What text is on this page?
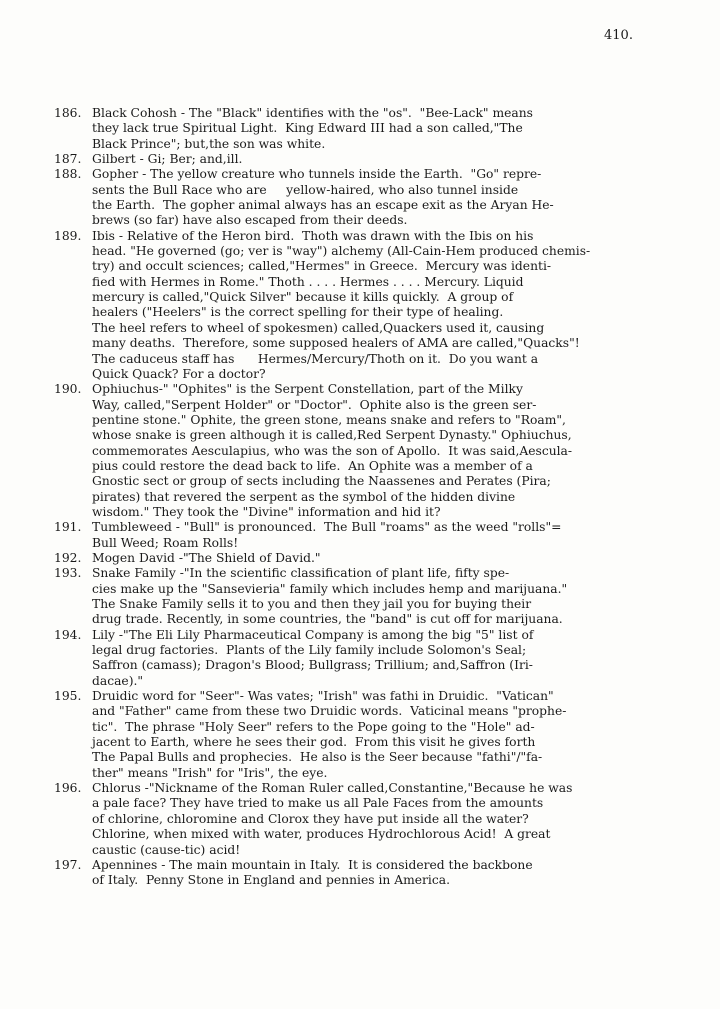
410.
186. Black Cohosh - The "Black" identifies with the "os".  "Bee-Lack" means
they lack true Spiritual Light.  King Edward III had a son called,"The
Black Prince"; but,the son was white.
187. Gilbert - Gi; Ber; and,ill.
188. Gopher - The yellow creature who tunnels inside the Earth.  "Go" repre-
sents the Bull Race who are     yellow-haired, who also tunnel inside
the Earth.  The gopher animal always has an escape exit as the Aryan He-
brews (so far) have also escaped from their deeds.
189. Ibis - Relative of the Heron bird.  Thoth was drawn with the Ibis on his
head. "He governed (go; ver is "way") alchemy (All-Cain-Hem produced chemis-
try) and occult sciences; called,"Hermes" in Greece.  Mercury was identi-
fied with Hermes in Rome." Thoth . . . . Hermes . . . . Mercury. Liquid
mercury is called,"Quick Silver" because it kills quickly.  A group of
healers ("Heelers" is the correct spelling for their type of healing.
The heel refers to wheel of spokesmen) called,Quackers used it, causing
many deaths.  Therefore, some supposed healers of AMA are called,"Quacks"!
The caduceus staff has      Hermes/Mercury/Thoth on it.  Do you want a
Quick Quack? For a doctor?
190. Ophiuchus-" "Ophites" is the Serpent Constellation, part of the Milky
Way, called,"Serpent Holder" or "Doctor".  Ophite also is the green ser-
pentine stone." Ophite, the green stone, means snake and refers to "Roam",
whose snake is green although it is called,Red Serpent Dynasty." Ophiuchus,
commemorates Aesculapius, who was the son of Apollo.  It was said,Aescula-
pius could restore the dead back to life.  An Ophite was a member of a
Gnostic sect or group of sects including the Naassenes and Perates (Pira;
pirates) that revered the serpent as the symbol of the hidden divine
wisdom." They took the "Divine" information and hid it?
191. Tumbleweed - "Bull" is pronounced.  The Bull "roams" as the weed "rolls"=
Bull Weed; Roam Rolls!
192. Mogen David -"The Shield of David."
193. Snake Family -"In the scientific classification of plant life, fifty spe-
cies make up the "Sansevieria" family which includes hemp and marijuana."
The Snake Family sells it to you and then they jail you for buying their
drug trade. Recently, in some countries, the "band" is cut off for marijuana.
194. Lily -"The Eli Lily Pharmaceutical Company is among the big "5" list of
legal drug factories.  Plants of the Lily family include Solomon's Seal;
Saffron (camass); Dragon's Blood; Bullgrass; Trillium; and,Saffron (Iri-
dacae)."
195. Druidic word for "Seer"- Was vates; "Irish" was fathi in Druidic.  "Vatican"
and "Father" came from these two Druidic words.  Vaticinal means "prophe-
tic".  The phrase "Holy Seer" refers to the Pope going to the "Hole" ad-
jacent to Earth, where he sees their god.  From this visit he gives forth
The Papal Bulls and prophecies.  He also is the Seer because "fathi"/"fa-
ther" means "Irish" for "Iris", the eye.
196. Chlorus -"Nickname of the Roman Ruler called,Constantine,"Because he was
a pale face? They have tried to make us all Pale Faces from the amounts
of chlorine, chloromine and Clorox they have put inside all the water?
Chlorine, when mixed with water, produces Hydrochlorous Acid!  A great
caustic (cause-tic) acid!
197. Apennines - The main mountain in Italy.  It is considered the backbone
of Italy.  Penny Stone in England and pennies in America.
